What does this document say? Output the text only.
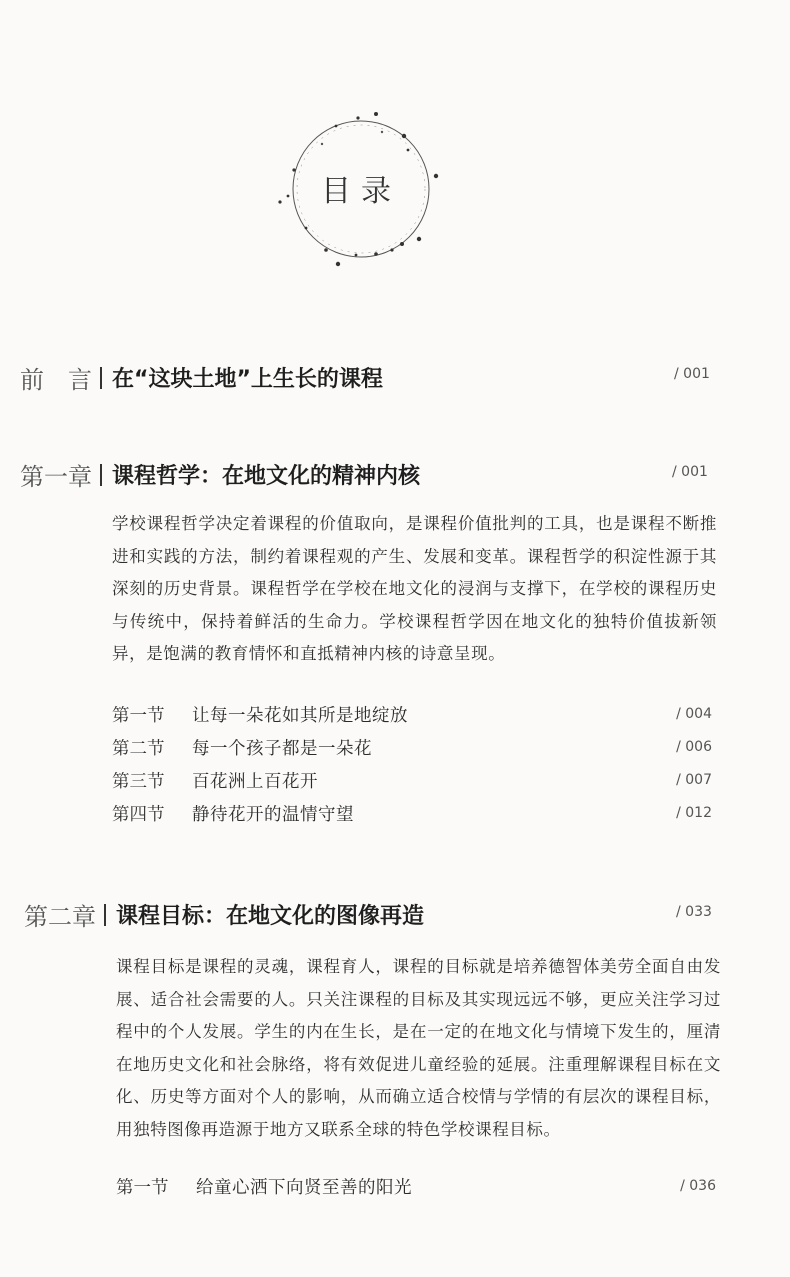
目录
前　言 在“这块土地”上生长的课程	/ 001
第一章 课程哲学：在地文化的精神内核	/ 001
学校课程哲学决定着课程的价值取向，是课程价值批判的工具，也是课程不断推进和实践的方法，制约着课程观的产生、发展和变革。课程哲学的积淀性源于其深刻的历史背景。课程哲学在学校在地文化的浸润与支撑下，在学校的课程历史与传统中，保持着鲜活的生命力。学校课程哲学因在地文化的独特价值拔新领异，是饱满的教育情怀和直抵精神内核的诗意呈现。
第一节	让每一朵花如其所是地绽放	/ 004
第二节	每一个孩子都是一朵花	/ 006
第三节	百花洲上百花开	/ 007
第四节	静待花开的温情守望	/ 012
第二章 课程目标：在地文化的图像再造	/ 033
课程目标是课程的灵魂，课程育人，课程的目标就是培养德智体美劳全面自由发展、适合社会需要的人。只关注课程的目标及其实现远远不够，更应关注学习过程中的个人发展。学生的内在生长，是在一定的在地文化与情境下发生的，厘清在地历史文化和社会脉络，将有效促进儿童经验的延展。注重理解课程目标在文化、历史等方面对个人的影响，从而确立适合校情与学情的有层次的课程目标，用独特图像再造源于地方又联系全球的特色学校课程目标。
第一节	给童心洒下向贤至善的阳光	/ 036
